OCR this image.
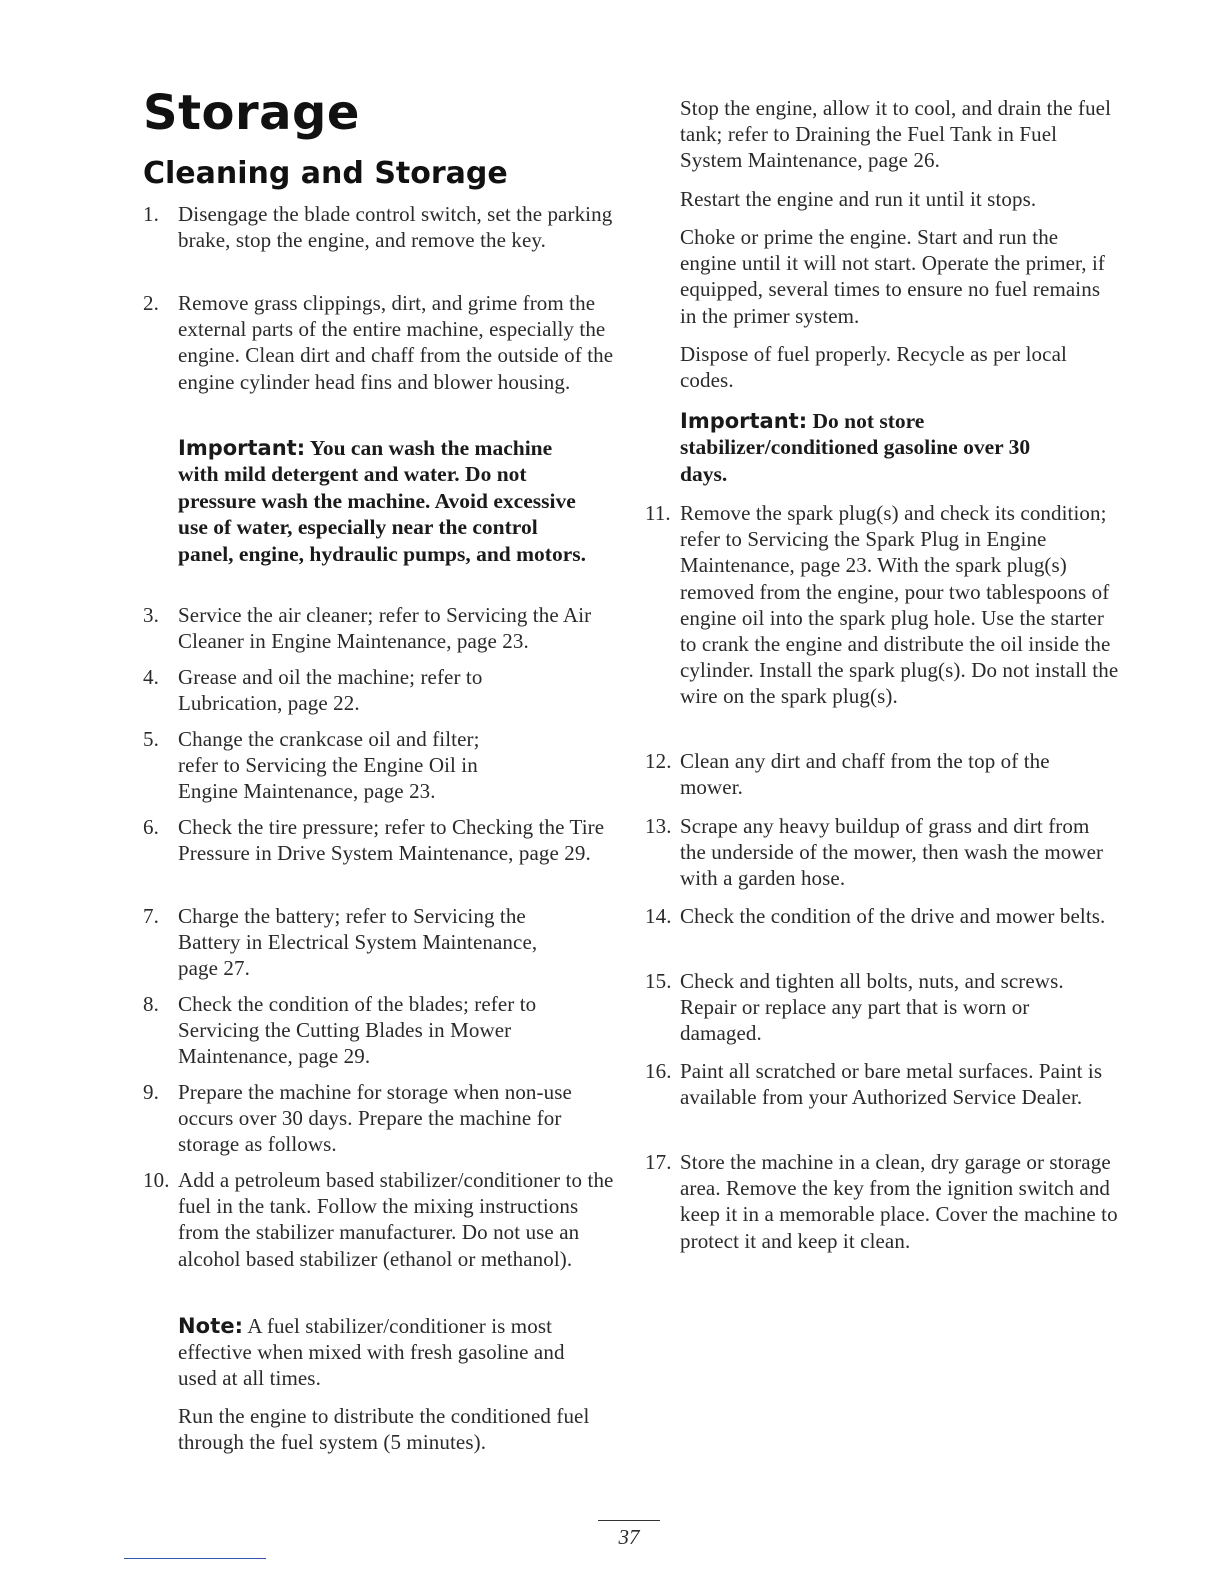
Storage
Cleaning and Storage
1. Disengage the blade control switch, set the parking brake, stop the engine, and remove the key.
2. Remove grass clippings, dirt, and grime from the external parts of the entire machine, especially the engine. Clean dirt and chaff from the outside of the engine cylinder head fins and blower housing.
Important: You can wash the machine with mild detergent and water. Do not pressure wash the machine. Avoid excessive use of water, especially near the control panel, engine, hydraulic pumps, and motors.
3. Service the air cleaner; refer to Servicing the Air Cleaner in Engine Maintenance, page 23.
4. Grease and oil the machine; refer to Lubrication, page 22.
5. Change the crankcase oil and filter; refer to Servicing the Engine Oil in Engine Maintenance, page 23.
6. Check the tire pressure; refer to Checking the Tire Pressure in Drive System Maintenance, page 29.
7. Charge the battery; refer to Servicing the Battery in Electrical System Maintenance, page 27.
8. Check the condition of the blades; refer to Servicing the Cutting Blades in Mower Maintenance, page 29.
9. Prepare the machine for storage when non-use occurs over 30 days. Prepare the machine for storage as follows.
10. Add a petroleum based stabilizer/conditioner to the fuel in the tank. Follow the mixing instructions from the stabilizer manufacturer. Do not use an alcohol based stabilizer (ethanol or methanol).
Note: A fuel stabilizer/conditioner is most effective when mixed with fresh gasoline and used at all times.
Run the engine to distribute the conditioned fuel through the fuel system (5 minutes).
Stop the engine, allow it to cool, and drain the fuel tank; refer to Draining the Fuel Tank in Fuel System Maintenance, page 26.
Restart the engine and run it until it stops.
Choke or prime the engine. Start and run the engine until it will not start. Operate the primer, if equipped, several times to ensure no fuel remains in the primer system.
Dispose of fuel properly. Recycle as per local codes.
Important: Do not store stabilizer/conditioned gasoline over 30 days.
11. Remove the spark plug(s) and check its condition; refer to Servicing the Spark Plug in Engine Maintenance, page 23. With the spark plug(s) removed from the engine, pour two tablespoons of engine oil into the spark plug hole. Use the starter to crank the engine and distribute the oil inside the cylinder. Install the spark plug(s). Do not install the wire on the spark plug(s).
12. Clean any dirt and chaff from the top of the mower.
13. Scrape any heavy buildup of grass and dirt from the underside of the mower, then wash the mower with a garden hose.
14. Check the condition of the drive and mower belts.
15. Check and tighten all bolts, nuts, and screws. Repair or replace any part that is worn or damaged.
16. Paint all scratched or bare metal surfaces. Paint is available from your Authorized Service Dealer.
17. Store the machine in a clean, dry garage or storage area. Remove the key from the ignition switch and keep it in a memorable place. Cover the machine to protect it and keep it clean.
37
